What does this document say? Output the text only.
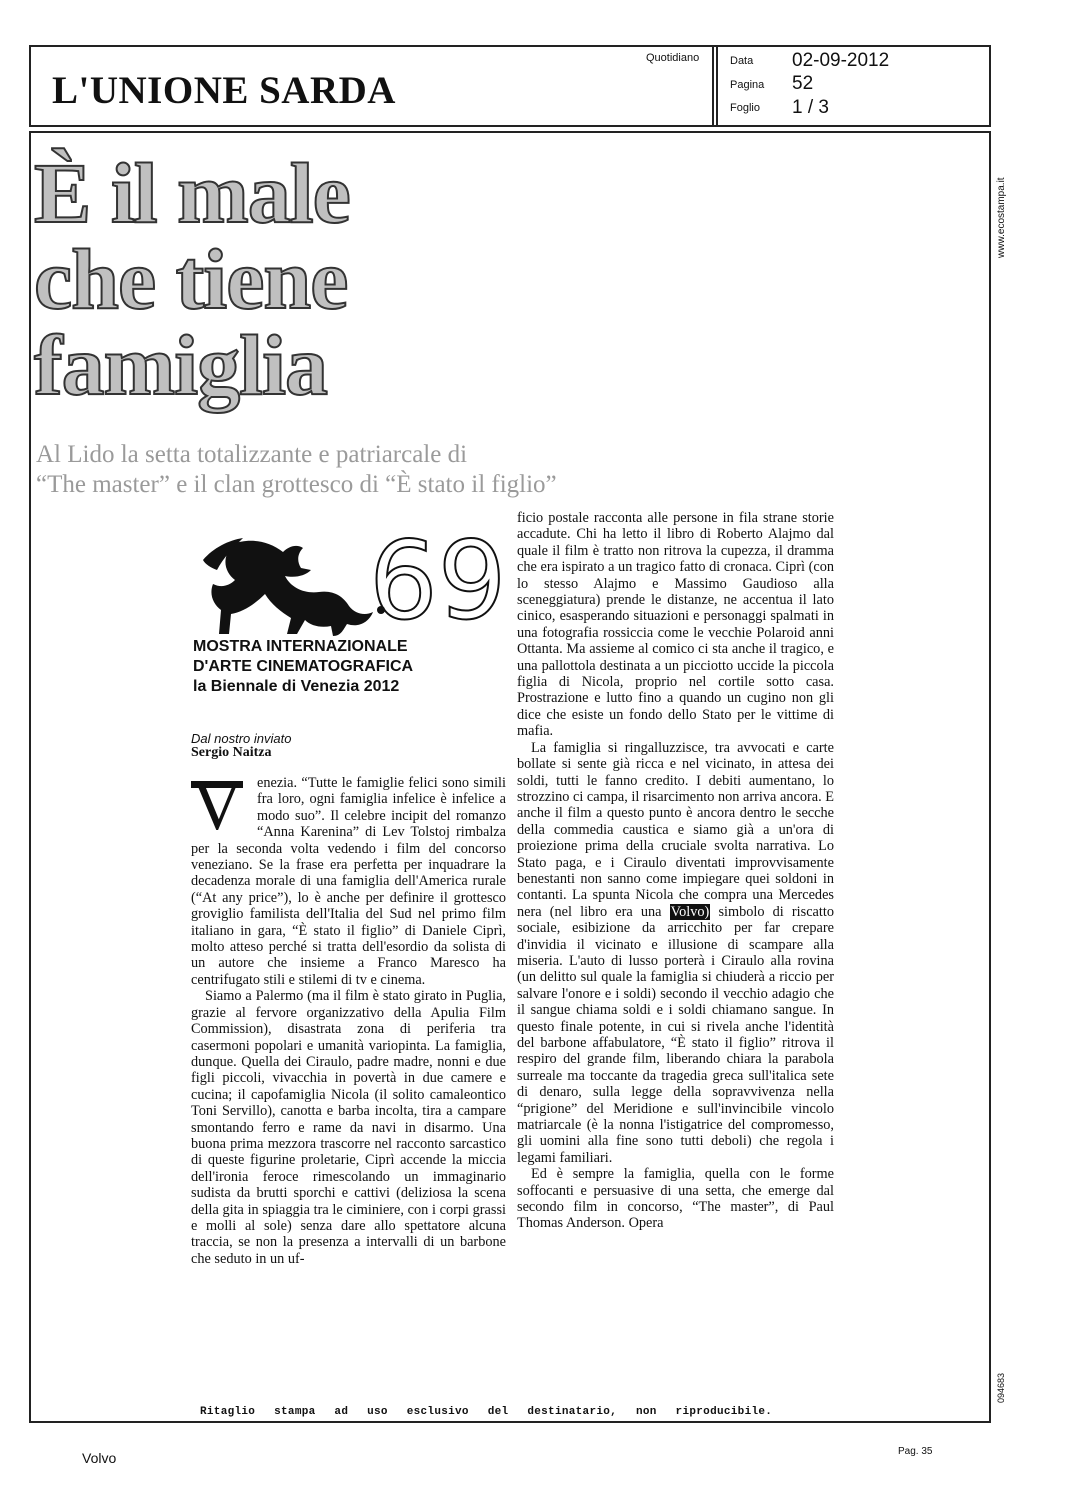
L'UNIONE SARDA
Quotidiano	Data 02-09-2012
Pagina 52
Foglio 1 / 3
È il male
che tiene
famiglia
Al Lido la setta totalizzante e patriarcale di
“The master” e il clan grottesco di “È stato il figlio”
69
MOSTRA INTERNAZIONALE
D'ARTE CINEMATOGRAFICA
la Biennale di Venezia 2012
Dal nostro inviato
Sergio Naitza
V enezia. “Tutte le famiglie felici sono simili fra loro, ogni famiglia infelice è infelice a modo suo”. Il celebre incipit del romanzo “Anna Karenina” di Lev Tolstoj rimbalza per la seconda volta vedendo i film del concorso veneziano. Se la frase era perfetta per inquadrare la decadenza morale di una famiglia dell'America rurale (“At any price”), lo è anche per definire il grottesco groviglio familista dell'Italia del Sud nel primo film italiano in gara, “È stato il figlio” di Daniele Ciprì, molto atteso perché si tratta dell'esordio da solista di un autore che insieme a Franco Maresco ha centrifugato stili e stilemi di tv e cinema.

Siamo a Palermo (ma il film è stato girato in Puglia, grazie al fervore organizzativo della Apulia Film Commission), disastrata zona di periferia tra casermoni popolari e umanità variopinta. La famiglia, dunque. Quella dei Ciraulo, padre madre, nonni e due figli piccoli, vivacchia in povertà in due camere e cucina; il capofamiglia Nicola (il solito camaleontico Toni Servillo), canotta e barba incolta, tira a campare smontando ferro e rame da navi in disarmo. Una buona prima mezzora trascorre nel racconto sarcastico di queste figurine proletarie, Ciprì accende la miccia dell'ironia feroce rimescolando un immaginario sudista da brutti sporchi e cattivi (deliziosa la scena della gita in spiaggia tra le ciminiere, con i corpi grassi e molli al sole) senza dare allo spettatore alcuna traccia, se non la presenza a intervalli di un barbone che seduto in un uf-

ficio postale racconta alle persone in fila strane storie accadute. Chi ha letto il libro di Roberto Alajmo dal quale il film è tratto non ritrova la cupezza, il dramma che era ispirato a un tragico fatto di cronaca. Ciprì (con lo stesso Alajmo e Massimo Gaudioso alla sceneggiatura) prende le distanze, ne accentua il lato cinico, esasperando situazioni e personaggi spalmati in una fotografia rossiccia come le vecchie Polaroid anni Ottanta. Ma assieme al comico ci sta anche il tragico, e una pallottola destinata a un picciotto uccide la piccola figlia di Nicola, proprio nel cortile sotto casa. Prostrazione e lutto fino a quando un cugino non gli dice che esiste un fondo dello Stato per le vittime di mafia.

La famiglia si ringalluzzisce, tra avvocati e carte bollate si sente già ricca e nel vicinato, in attesa dei soldi, tutti le fanno credito. I debiti aumentano, lo strozzino ci campa, il risarcimento non arriva ancora. E anche il film a questo punto è ancora dentro le secche della commedia caustica e siamo già a un'ora di proiezione prima della cruciale svolta narrativa. Lo Stato paga, e i Ciraulo diventati improvvisamente benestanti non sanno come impiegare quei soldoni in contanti. La spunta Nicola che compra una Mercedes nera (nel libro era una Volvo) simbolo di riscatto sociale, esibizione da arricchito per far crepare d'invidia il vicinato e illusione di scampare alla miseria. L'auto di lusso porterà i Ciraulo alla rovina (un delitto sul quale la famiglia si chiuderà a riccio per salvare l'onore e i soldi) secondo il vecchio adagio che il sangue chiama soldi e i soldi chiamano sangue. In questo finale potente, in cui si rivela anche l'identità del barbone affabulatore, “È stato il figlio” ritrova il respiro del grande film, liberando chiara la parabola surreale ma toccante da tragedia greca sull'italica sete di denaro, sulla legge della sopravvivenza nella “prigione” del Meridione e sull'invincibile vincolo matriarcale (è la nonna l'istigatrice del compromesso, gli uomini alla fine sono tutti deboli) che regola i legami familiari.

Ed è sempre la famiglia, quella con le forme soffocanti e persuasive di una setta, che emerge dal secondo film in concorso, “The master”, di Paul Thomas Anderson. Opera

Ritaglio stampa ad uso esclusivo del destinatario, non riproducibile.
www.ecostampa.it
094683
Volvo	Pag. 35
